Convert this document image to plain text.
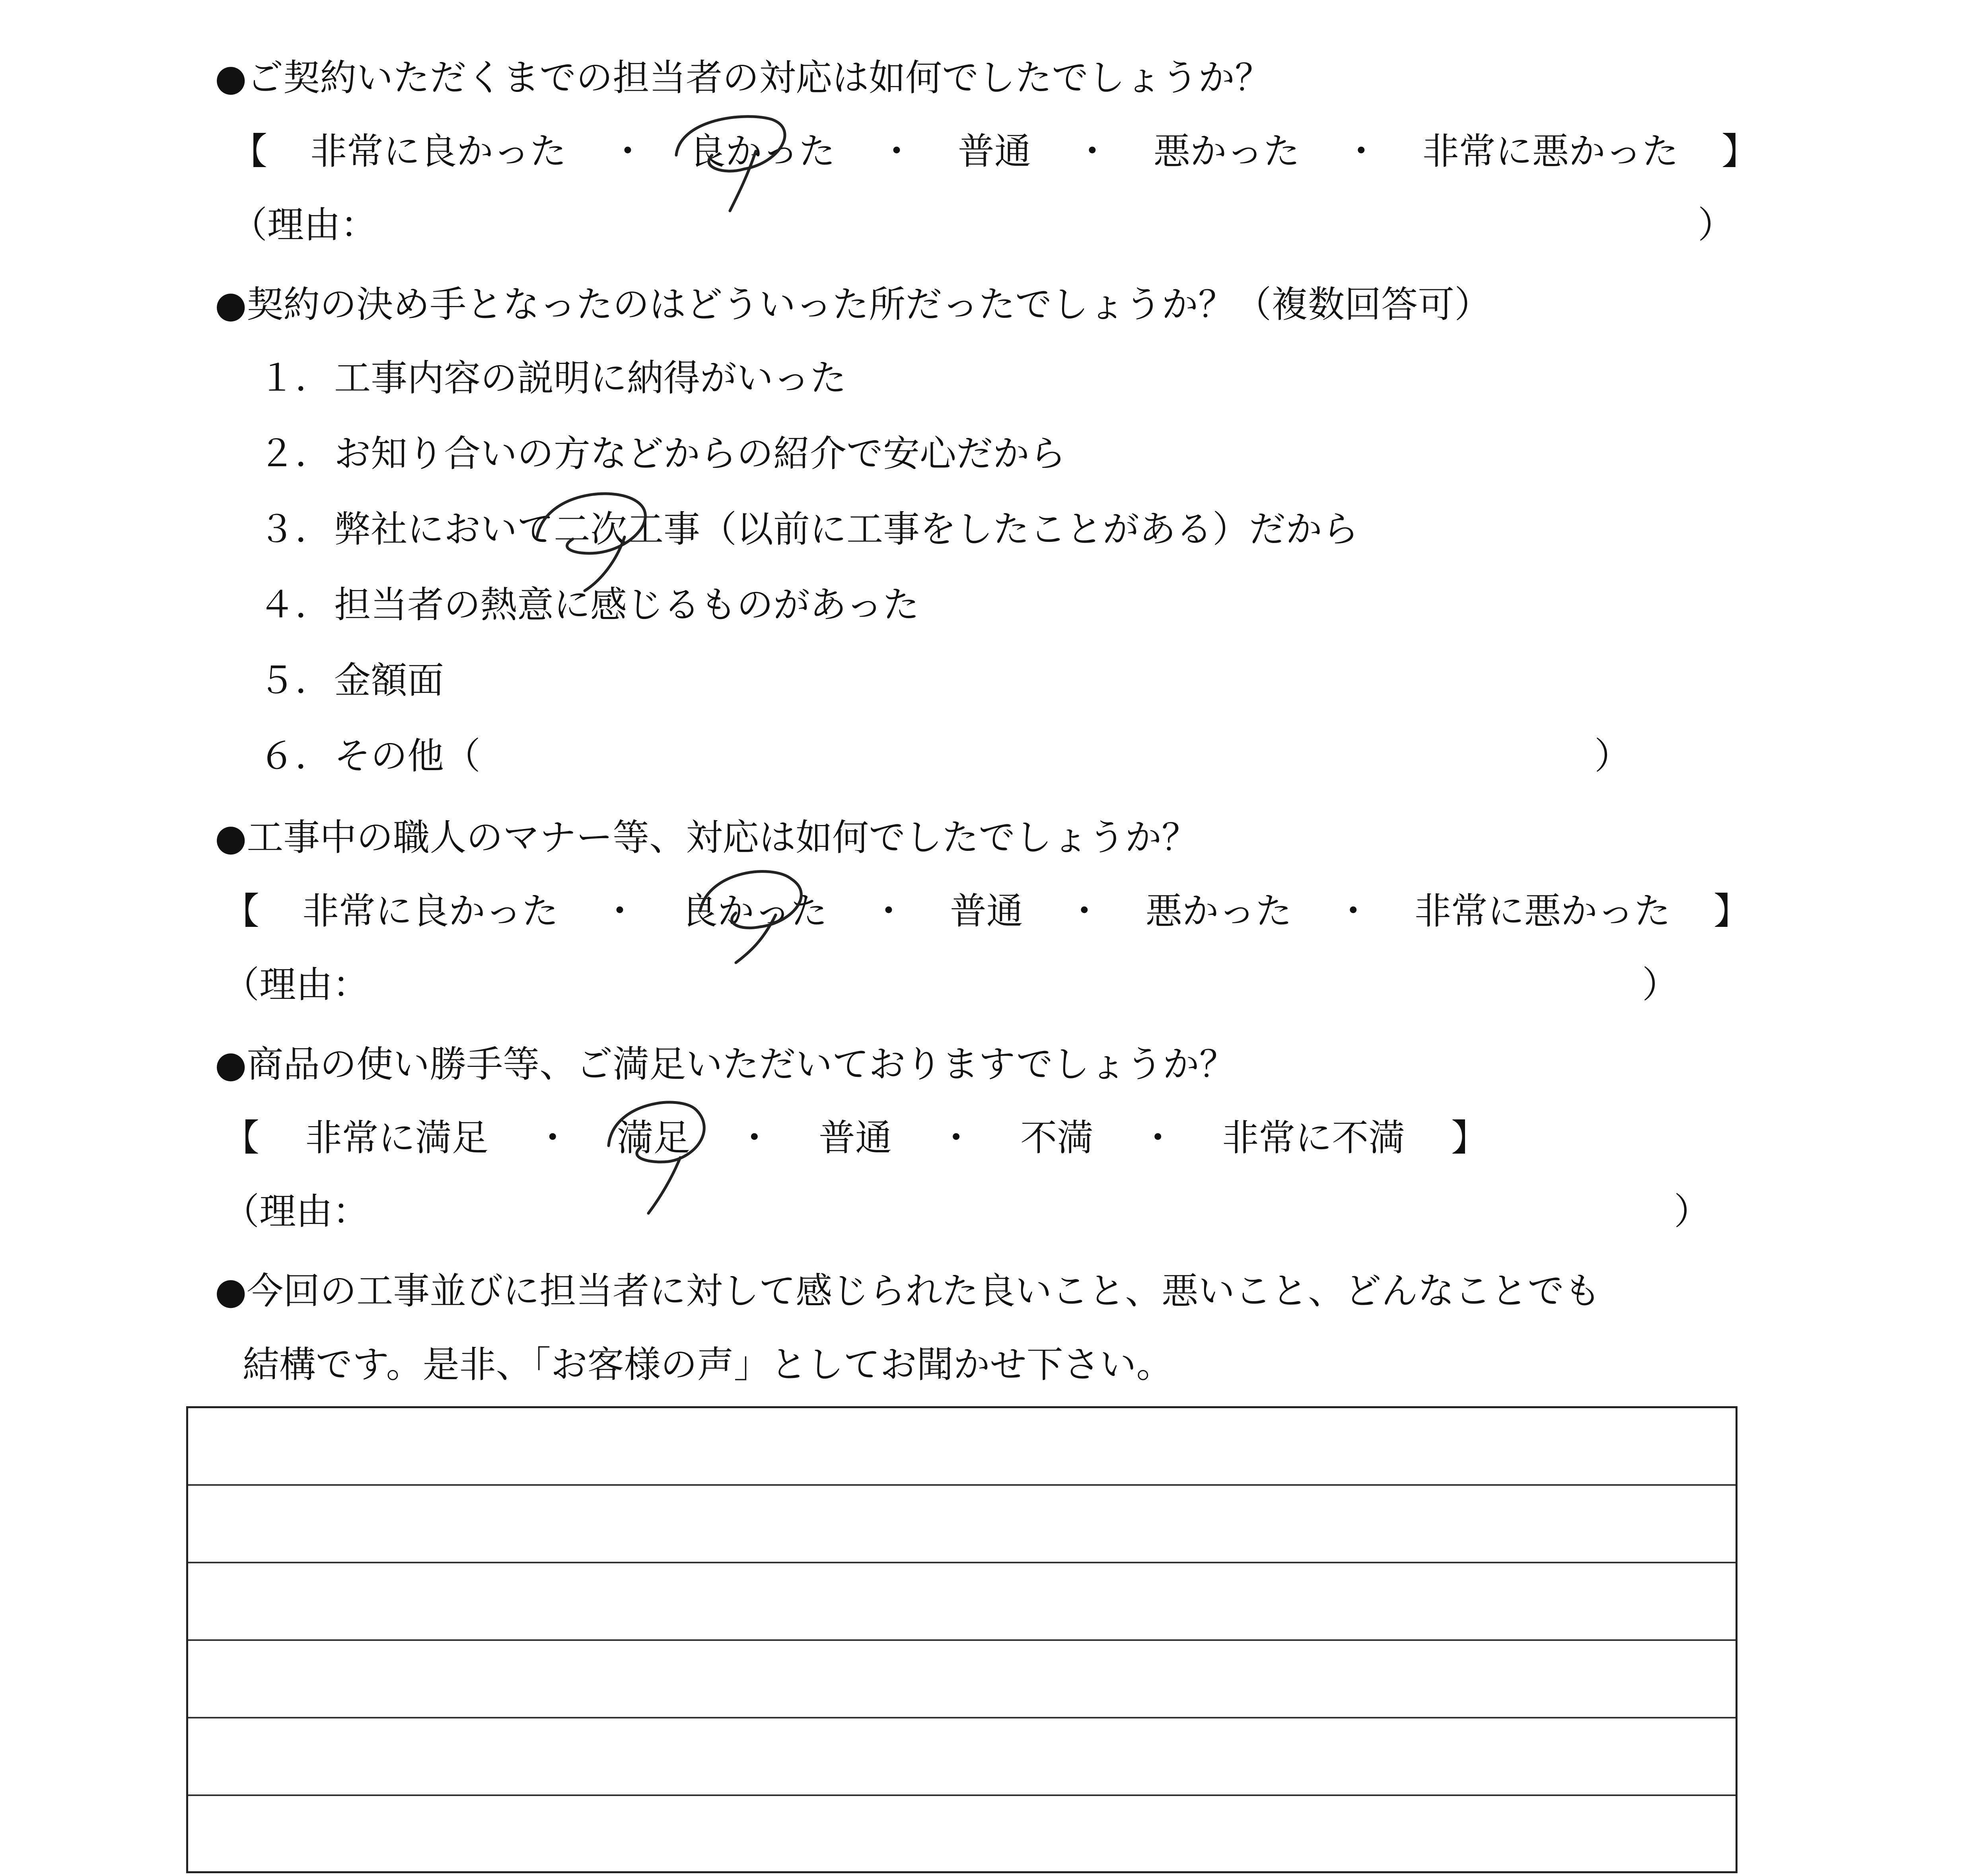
●ご契約いただくまでの担当者の対応は如何でしたでしょうか？
【 非常に良かった ・ 良かった ・ 普通 ・ 悪かった ・ 非常に悪かった 】
（理由：	）
●契約の決め手となったのはどういった所だったでしょうか？（複数回答可）
１．工事内容の説明に納得がいった
２．お知り合いの方などからの紹介で安心だから
３．弊社において二次工事（以前に工事をしたことがある）だから
４．担当者の熱意に感じるものがあった
５．金額面
６．その他（	）
●工事中の職人のマナー等、対応は如何でしたでしょうか？
【 非常に良かった ・ 良かった ・ 普通 ・ 悪かった ・ 非常に悪かった 】
（理由：	）
●商品の使い勝手等、ご満足いただいておりますでしょうか？
【 非常に満足 ・ 満足 ・ 普通 ・ 不満 ・ 非常に不満 】
（理由：	）
●今回の工事並びに担当者に対して感じられた良いこと、悪いこと、どんなことでも
結構です。是非、「お客様の声」としてお聞かせ下さい。
